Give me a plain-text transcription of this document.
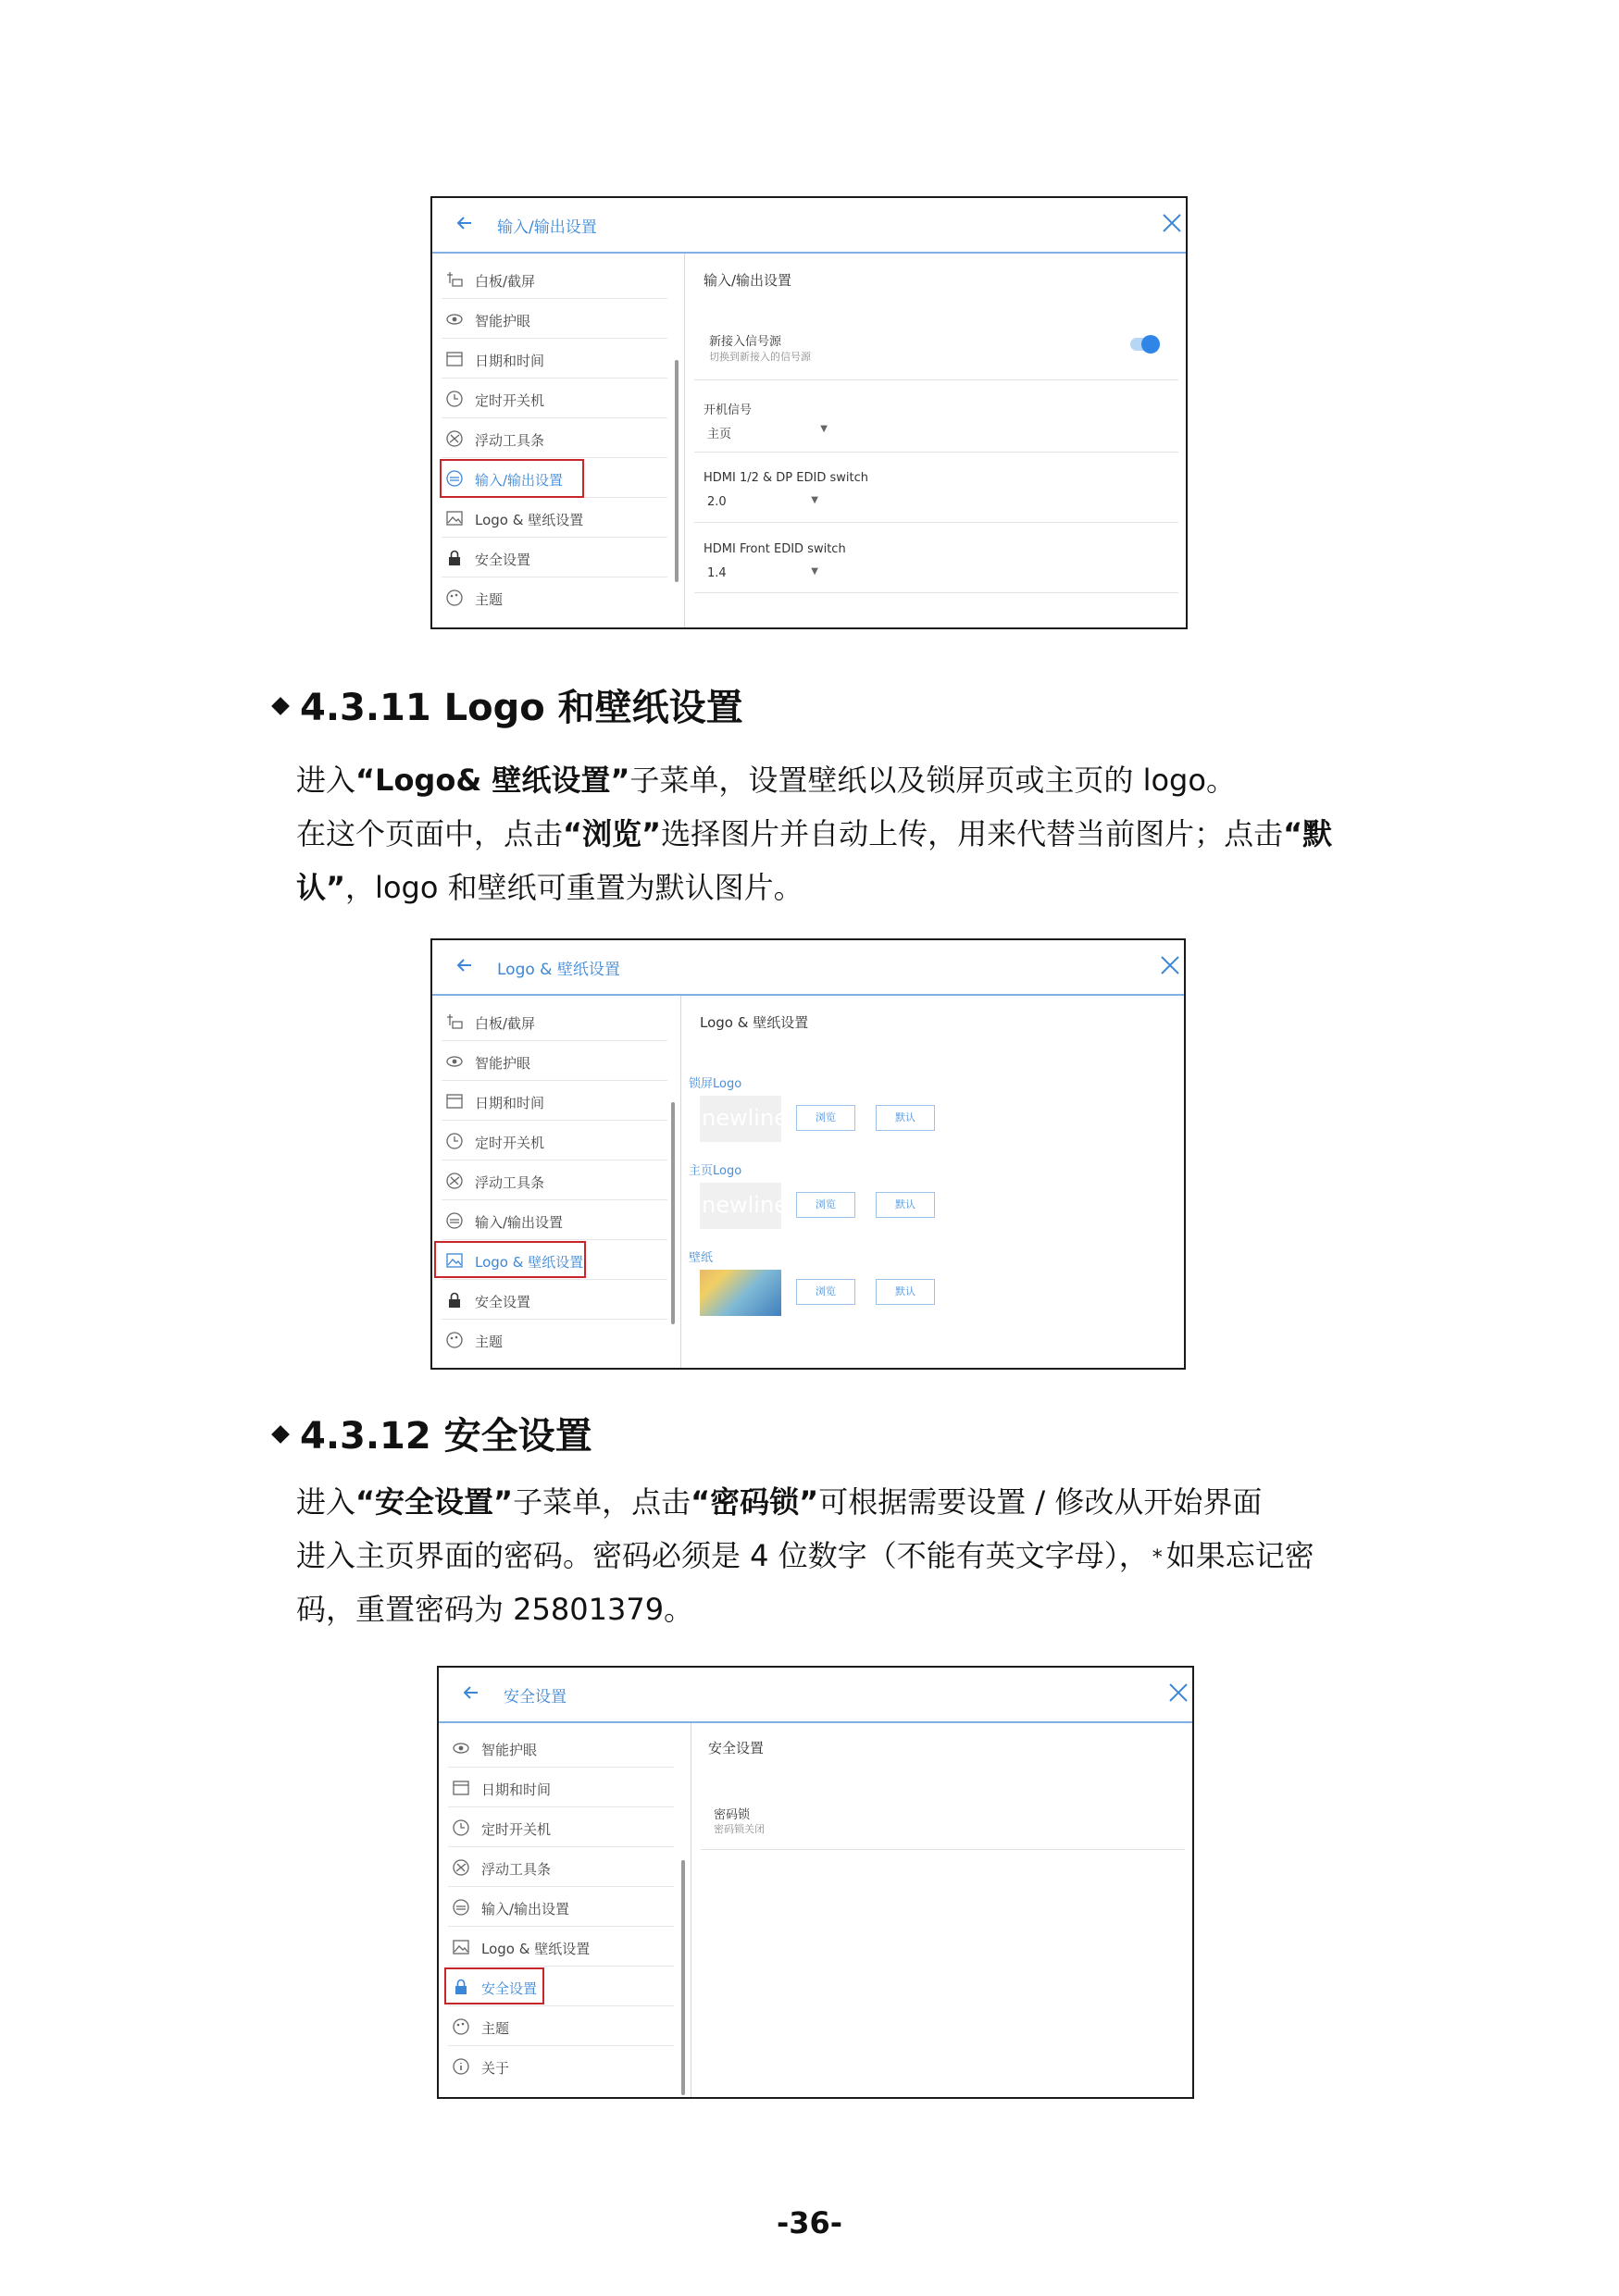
输入/输出设置
白板/截屏
智能护眼
日期和时间
定时开关机
浮动工具条
输入/输出设置
Logo & 壁纸设置
安全设置
主题
输入/输出设置
新接入信号源
切换到新接入的信号源
开机信号
主页	▼
HDMI 1/2 & DP EDID switch
2.0	▼
HDMI Front EDID switch
1.4	▼
4.3.11 Logo 和壁纸设置
进入“Logo& 壁纸设置”子菜单，设置壁纸以及锁屏页或主页的 logo。
在这个页面中，点击“浏览”选择图片并自动上传，用来代替当前图片；点击“默
认”，logo 和壁纸可重置为默认图片。
Logo & 壁纸设置
白板/截屏
智能护眼
日期和时间
定时开关机
浮动工具条
输入/输出设置
Logo & 壁纸设置
安全设置
主题
Logo & 壁纸设置
锁屏Logo
newline	浏览	默认
主页Logo
newline	浏览	默认
壁纸
浏览	默认
4.3.12 安全设置
进入“安全设置”子菜单，点击“密码锁”可根据需要设置 / 修改从开始界面
进入主页界面的密码。密码必须是 4 位数字（不能有英文字母）， * 如果忘记密
码，重置密码为 25801379。
安全设置
智能护眼
日期和时间
定时开关机
浮动工具条
输入/输出设置
Logo & 壁纸设置
安全设置
主题
关于
安全设置
密码锁
密码锁关闭
-36-
